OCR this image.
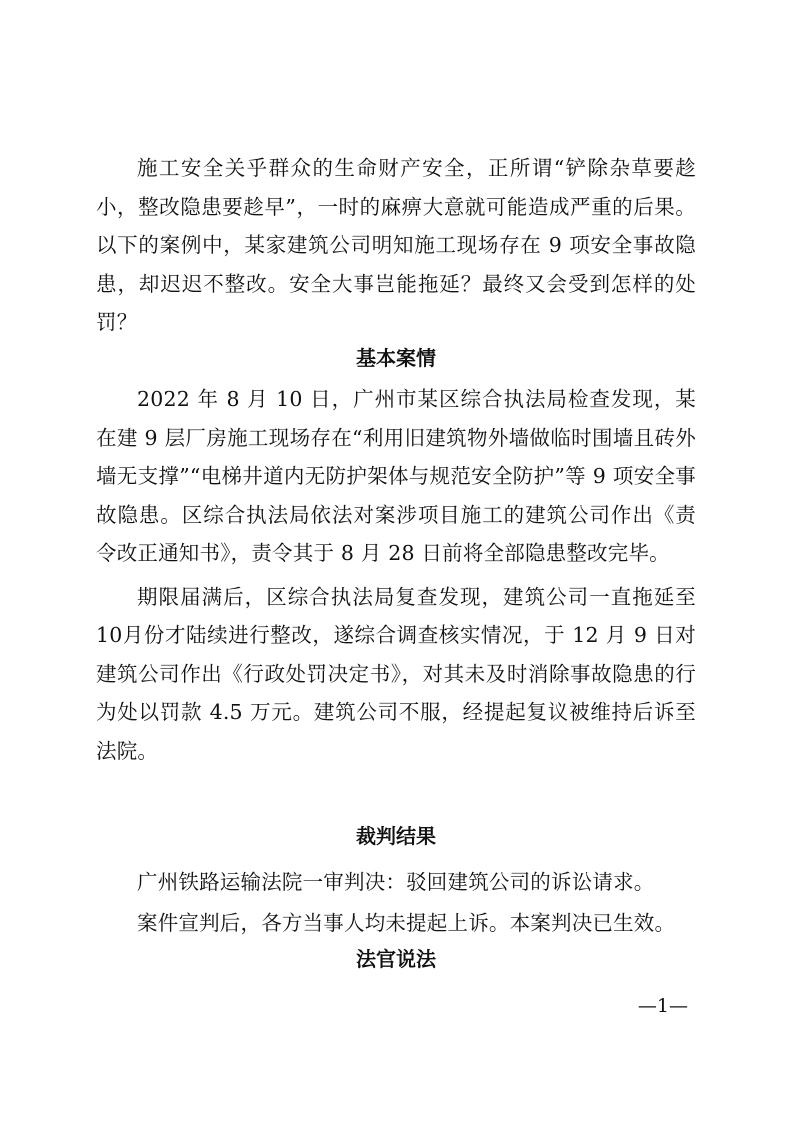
施工安全关乎群众的生命财产安全，正所谓“铲除杂草要趁小，整改隐患要趁早”，一时的麻痹大意就可能造成严重的后果。以下的案例中，某家建筑公司明知施工现场存在 9 项安全事故隐患，却迟迟不整改。安全大事岂能拖延？最终又会受到怎样的处罚？

基本案情

2022 年 8 月 10 日，广州市某区综合执法局检查发现，某在建 9 层厂房施工现场存在“利用旧建筑物外墙做临时围墙且砖外墙无支撑”“电梯井道内无防护架体与规范安全防护”等 9 项安全事故隐患。区综合执法局依法对案涉项目施工的建筑公司作出《责令改正通知书》，责令其于 8 月 28 日前将全部隐患整改完毕。

期限届满后，区综合执法局复查发现，建筑公司一直拖延至10月份才陆续进行整改，遂综合调查核实情况，于 12 月 9 日对建筑公司作出《行政处罚决定书》，对其未及时消除事故隐患的行为处以罚款 4.5 万元。建筑公司不服，经提起复议被维持后诉至法院。

裁判结果

广州铁路运输法院一审判决：驳回建筑公司的诉讼请求。

案件宣判后，各方当事人均未提起上诉。本案判决已生效。

法官说法
—1—
